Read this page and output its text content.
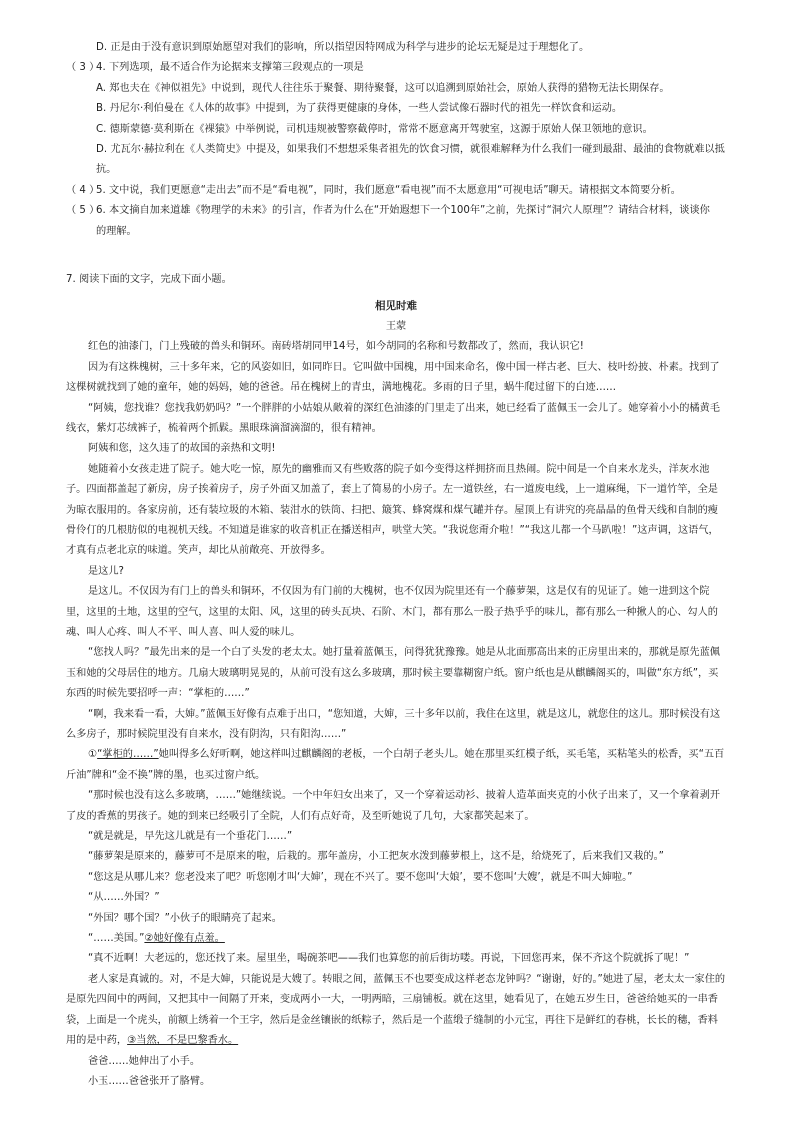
D. 正是由于没有意识到原始愿望对我们的影响，所以指望因特网成为科学与进步的论坛无疑是过于理想化了。
（ 3 ）4. 下列选项，最不适合作为论据来支撑第三段观点的一项是
A. 郑也夫在《神似祖先》中说到，现代人往往乐于聚餐、期待聚餐，这可以追溯到原始社会，原始人获得的猎物无法长期保存。
B. 丹尼尔·利伯曼在《人体的故事》中提到，为了获得更健康的身体，一些人尝试像石器时代的祖先一样饮食和运动。
C. 德斯蒙德·莫利斯在《裸猿》中举例说，司机违规被警察截停时，常常不愿意离开驾驶室，这源于原始人保卫领地的意识。
D. 尤瓦尔·赫拉利在《人类简史》中提及，如果我们不想想采集者祖先的饮食习惯，就很难解释为什么我们一碰到最甜、最油的食物就难以抵
抗。
（ 4 ）5. 文中说，我们更愿意“走出去”而不是“看电视”，同时，我们愿意“看电视”而不太愿意用“可视电话”聊天。请根据文本简要分析。
（ 5 ）6. 本文摘自加来道雄《物理学的未来》的引言，作者为什么在“开始遐想下一个100年”之前，先探讨“洞穴人原理”？请结合材料，谈谈你
的理解。
7. 阅读下面的文字，完成下面小题。
相见时难
王蒙
红色的油漆门，门上残破的兽头和铜环。南砖塔胡同甲14号，如今胡同的名称和号数都改了，然而，我认识它!
因为有这株槐树，三十多年来，它的风姿如旧，如同昨日。它叫做中国槐，用中国来命名，像中国一样古老、巨大、枝叶纷披、朴素。找到了这棵树就找到了她的童年，她的妈妈，她的爸爸。吊在槐树上的青虫，满地槐花。多雨的日子里，蜗牛爬过留下的白迹……
“阿姨，您找谁？您找我奶奶吗？”一个胖胖的小姑娘从敞着的深红色油漆的门里走了出来，她已经看了蓝佩玉一会儿了。她穿着小小的橘黄毛线衣，紫灯芯绒裤子，梳着两个抓鬏。黑眼珠滴溜滴溜的，很有精神。
阿姨和您，这久违了的故国的亲热和文明!
她随着小女孩走进了院子。她大吃一惊，原先的幽雅而又有些败落的院子如今变得这样拥挤而且热闹。院中间是一个自来水龙头，洋灰水池子。四面都盖起了新房，房子挨着房子，房子外面又加盖了，套上了简易的小房子。左一道铁丝，右一道废电线，上一道麻绳，下一道竹竿，全是为晾衣服用的。各家房前，还有装垃圾的木箱、装泔水的铁筒、扫把、簸箕、蜂窝煤和煤气罐并存。屋顶上有讲究的亮晶晶的鱼骨天线和自制的瘦骨伶仃的几根肪似的电视机天线。不知道是谁家的收音机正在播送相声，哄堂大笑。“我说您甭介啦！”“我这儿都一个马趴啦！”这声调，这语气，才真有点老北京的味道。笑声，却比从前敞亮、开放得多。
是这儿?
是这儿。不仅因为有门上的兽头和铜环，不仅因为有门前的大槐树，也不仅因为院里还有一个藤萝架，这是仅有的见证了。她一进到这个院里，这里的土地，这里的空气，这里的太阳、风，这里的砖头瓦块、石阶、木门，都有那么一股子热乎乎的味儿，都有那么一种揪人的心、勾人的魂、叫人心疼、叫人不平、叫人喜、叫人爱的味儿。
“您找人吗？”最先出来的是一个白了头发的老太太。她打量着蓝佩玉，问得犹犹豫豫。她是从北面那高出来的正房里出来的，那就是原先蓝佩玉和她的父母居住的地方。几扇大玻璃明晃晃的，从前可没有这么多玻璃，那时候主要靠糊窗户纸。窗户纸也是从麒麟阁买的，叫做“东方纸”，买东西的时候先要招呼一声：“掌柜的……”
“啊，我来看一看，大婶。”蓝佩玉好像有点难于出口，“您知道，大婶，三十多年以前，我住在这里，就是这儿，就您住的这儿。那时候没有这么多房子，那时候院里没有自来水，没有阴沟，只有阳沟……”
①“掌柜的……”她叫得多么好听啊，她这样叫过麒麟阁的老板，一个白胡子老头儿。她在那里买红模子纸，买毛笔，买粘笔头的松香，买“五百斤油”牌和“金不换”牌的墨，也买过窗户纸。
“那时候也没有这么多玻璃，……”她继续说。一个中年妇女出来了，又一个穿着运动衫、披着人造革面夹克的小伙子出来了，又一个拿着剥开了皮的香蕉的男孩子。她的到来已经吸引了全院，人们有点好奇，及至听她说了几句，大家都笑起来了。
“就是就是，早先这儿就是有一个垂花门……”
“藤萝架是原来的，藤萝可不是原来的啦，后栽的。那年盖房，小工把灰水泼到藤萝根上，这不是，给烧死了，后来我们又栽的。”
“您这是从哪儿来？您老没来了吧？听您刚才叫‘大婶’，现在不兴了。要不您叫‘大娘’，要不您叫‘大嫂’，就是不叫大婶啦。”
“从……外国？”
“外国？哪个国？”小伙子的眼睛亮了起来。
“……美国。”②她好像有点羞。
“真不近啊！大老远的，您还找了来。屋里坐，喝碗茶吧——我们也算您的前后街坊喽。再说，下回您再来，保不齐这个院就拆了呢！”
老人家是真诚的。对，不是大婶，只能说是大嫂了。转眼之间，蓝佩玉不也要变成这样老态龙钟吗？“谢谢，好的。”她进了屋，老太太一家住的是原先四间中的两间，又把其中一间隔了开来，变成两小一大，一明两暗，三扇铺板。就在这里，她看见了，在她五岁生日，爸爸给她买的一串香袋，上面是一个虎头，前额上绣着一个王字，然后是金丝镶嵌的纸粽子，然后是一个蓝缎子缝制的小元宝，再往下是鲜红的春桃，长长的穗，香料用的是中药，③当然，不是巴黎香水。
爸爸……她伸出了小手。
小玉……爸爸张开了胳臂。
